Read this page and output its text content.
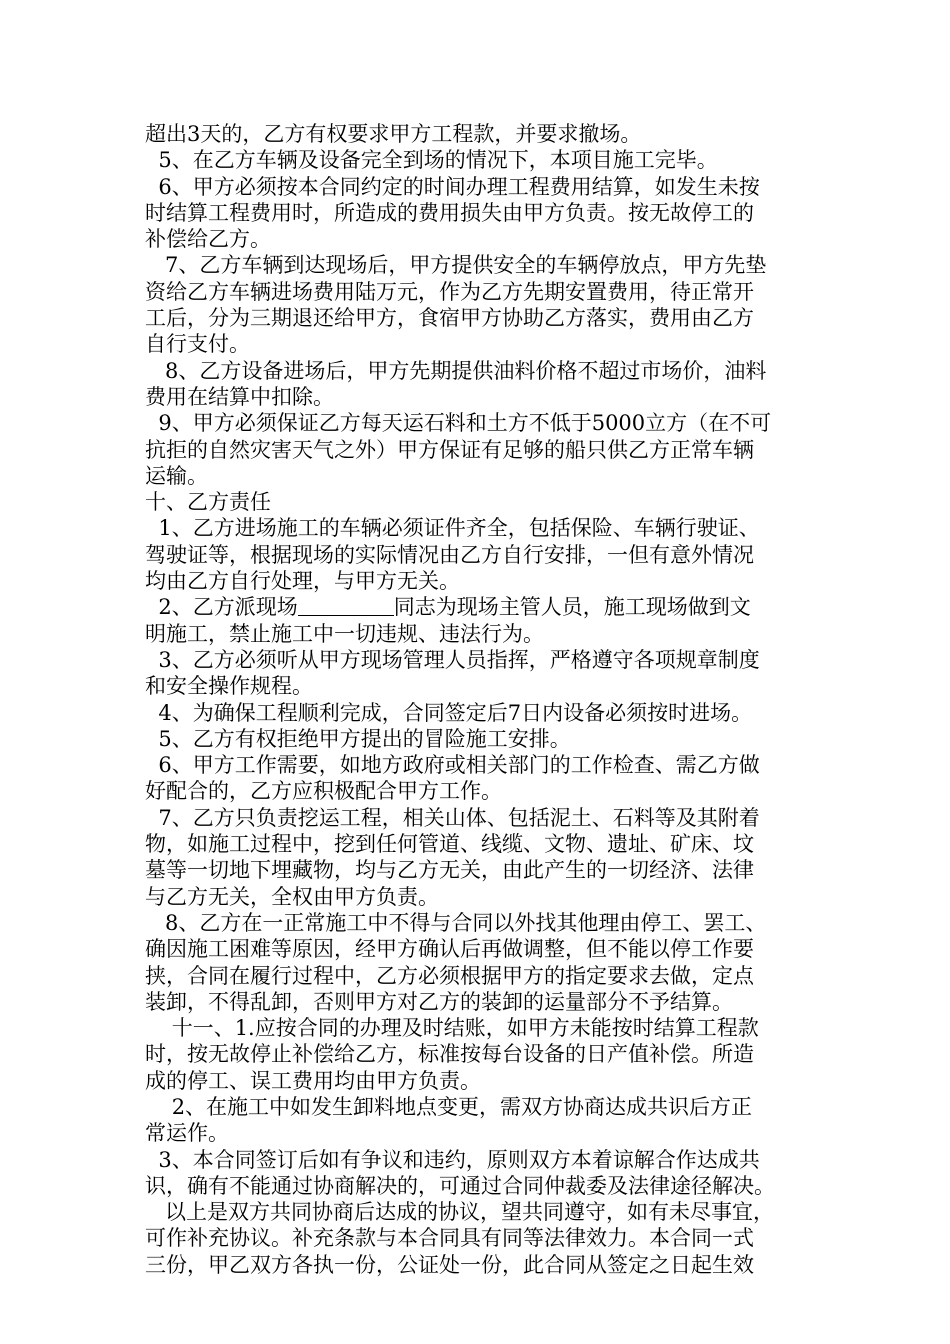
超出3天的，乙方有权要求甲方工程款，并要求撤场。
5、在乙方车辆及设备完全到场的情况下，本项目施工完毕。
6、甲方必须按本合同约定的时间办理工程费用结算，如发生未按
时结算工程费用时，所造成的费用损失由甲方负责。按无故停工的
补偿给乙方。
7、乙方车辆到达现场后，甲方提供安全的车辆停放点，甲方先垫
资给乙方车辆进场费用陆万元，作为乙方先期安置费用，待正常开
工后，分为三期退还给甲方，食宿甲方协助乙方落实，费用由乙方
自行支付。
8、乙方设备进场后，甲方先期提供油料价格不超过市场价，油料
费用在结算中扣除。
9、甲方必须保证乙方每天运石料和土方不低于5000立方（在不可
抗拒的自然灾害天气之外）甲方保证有足够的船只供乙方正常车辆
运输。
十、乙方责任
1、乙方进场施工的车辆必须证件齐全，包括保险、车辆行驶证、
驾驶证等，根据现场的实际情况由乙方自行安排，一但有意外情况
均由乙方自行处理，与甲方无关。
2、乙方派现场	同志为现场主管人员，施工现场做到文
明施工，禁止施工中一切违规、违法行为。
3、乙方必须听从甲方现场管理人员指挥，严格遵守各项规章制度
和安全操作规程。
4、为确保工程顺利完成，合同签定后7日内设备必须按时进场。
5、乙方有权拒绝甲方提出的冒险施工安排。
6、甲方工作需要，如地方政府或相关部门的工作检查、需乙方做
好配合的，乙方应积极配合甲方工作。
7、乙方只负责挖运工程，相关山体、包括泥土、石料等及其附着
物，如施工过程中，挖到任何管道、线缆、文物、遗址、矿床、坟
墓等一切地下埋藏物，均与乙方无关，由此产生的一切经济、法律
与乙方无关，全权由甲方负责。
8、乙方在一正常施工中不得与合同以外找其他理由停工、罢工、
确因施工困难等原因，经甲方确认后再做调整，但不能以停工作要
挟，合同在履行过程中，乙方必须根据甲方的指定要求去做，定点
装卸，不得乱卸，否则甲方对乙方的装卸的运量部分不予结算。
十一、1.应按合同的办理及时结账，如甲方未能按时结算工程款
时，按无故停止补偿给乙方，标准按每台设备的日产值补偿。所造
成的停工、误工费用均由甲方负责。
2、在施工中如发生卸料地点变更，需双方协商达成共识后方正
常运作。
3、本合同签订后如有争议和违约，原则双方本着谅解合作达成共
识，确有不能通过协商解决的，可通过合同仲裁委及法律途径解决。
以上是双方共同协商后达成的协议，望共同遵守，如有未尽事宜，
可作补充协议。补充条款与本合同具有同等法律效力。本合同一式
三份，甲乙双方各执一份，公证处一份，此合同从签定之日起生效
